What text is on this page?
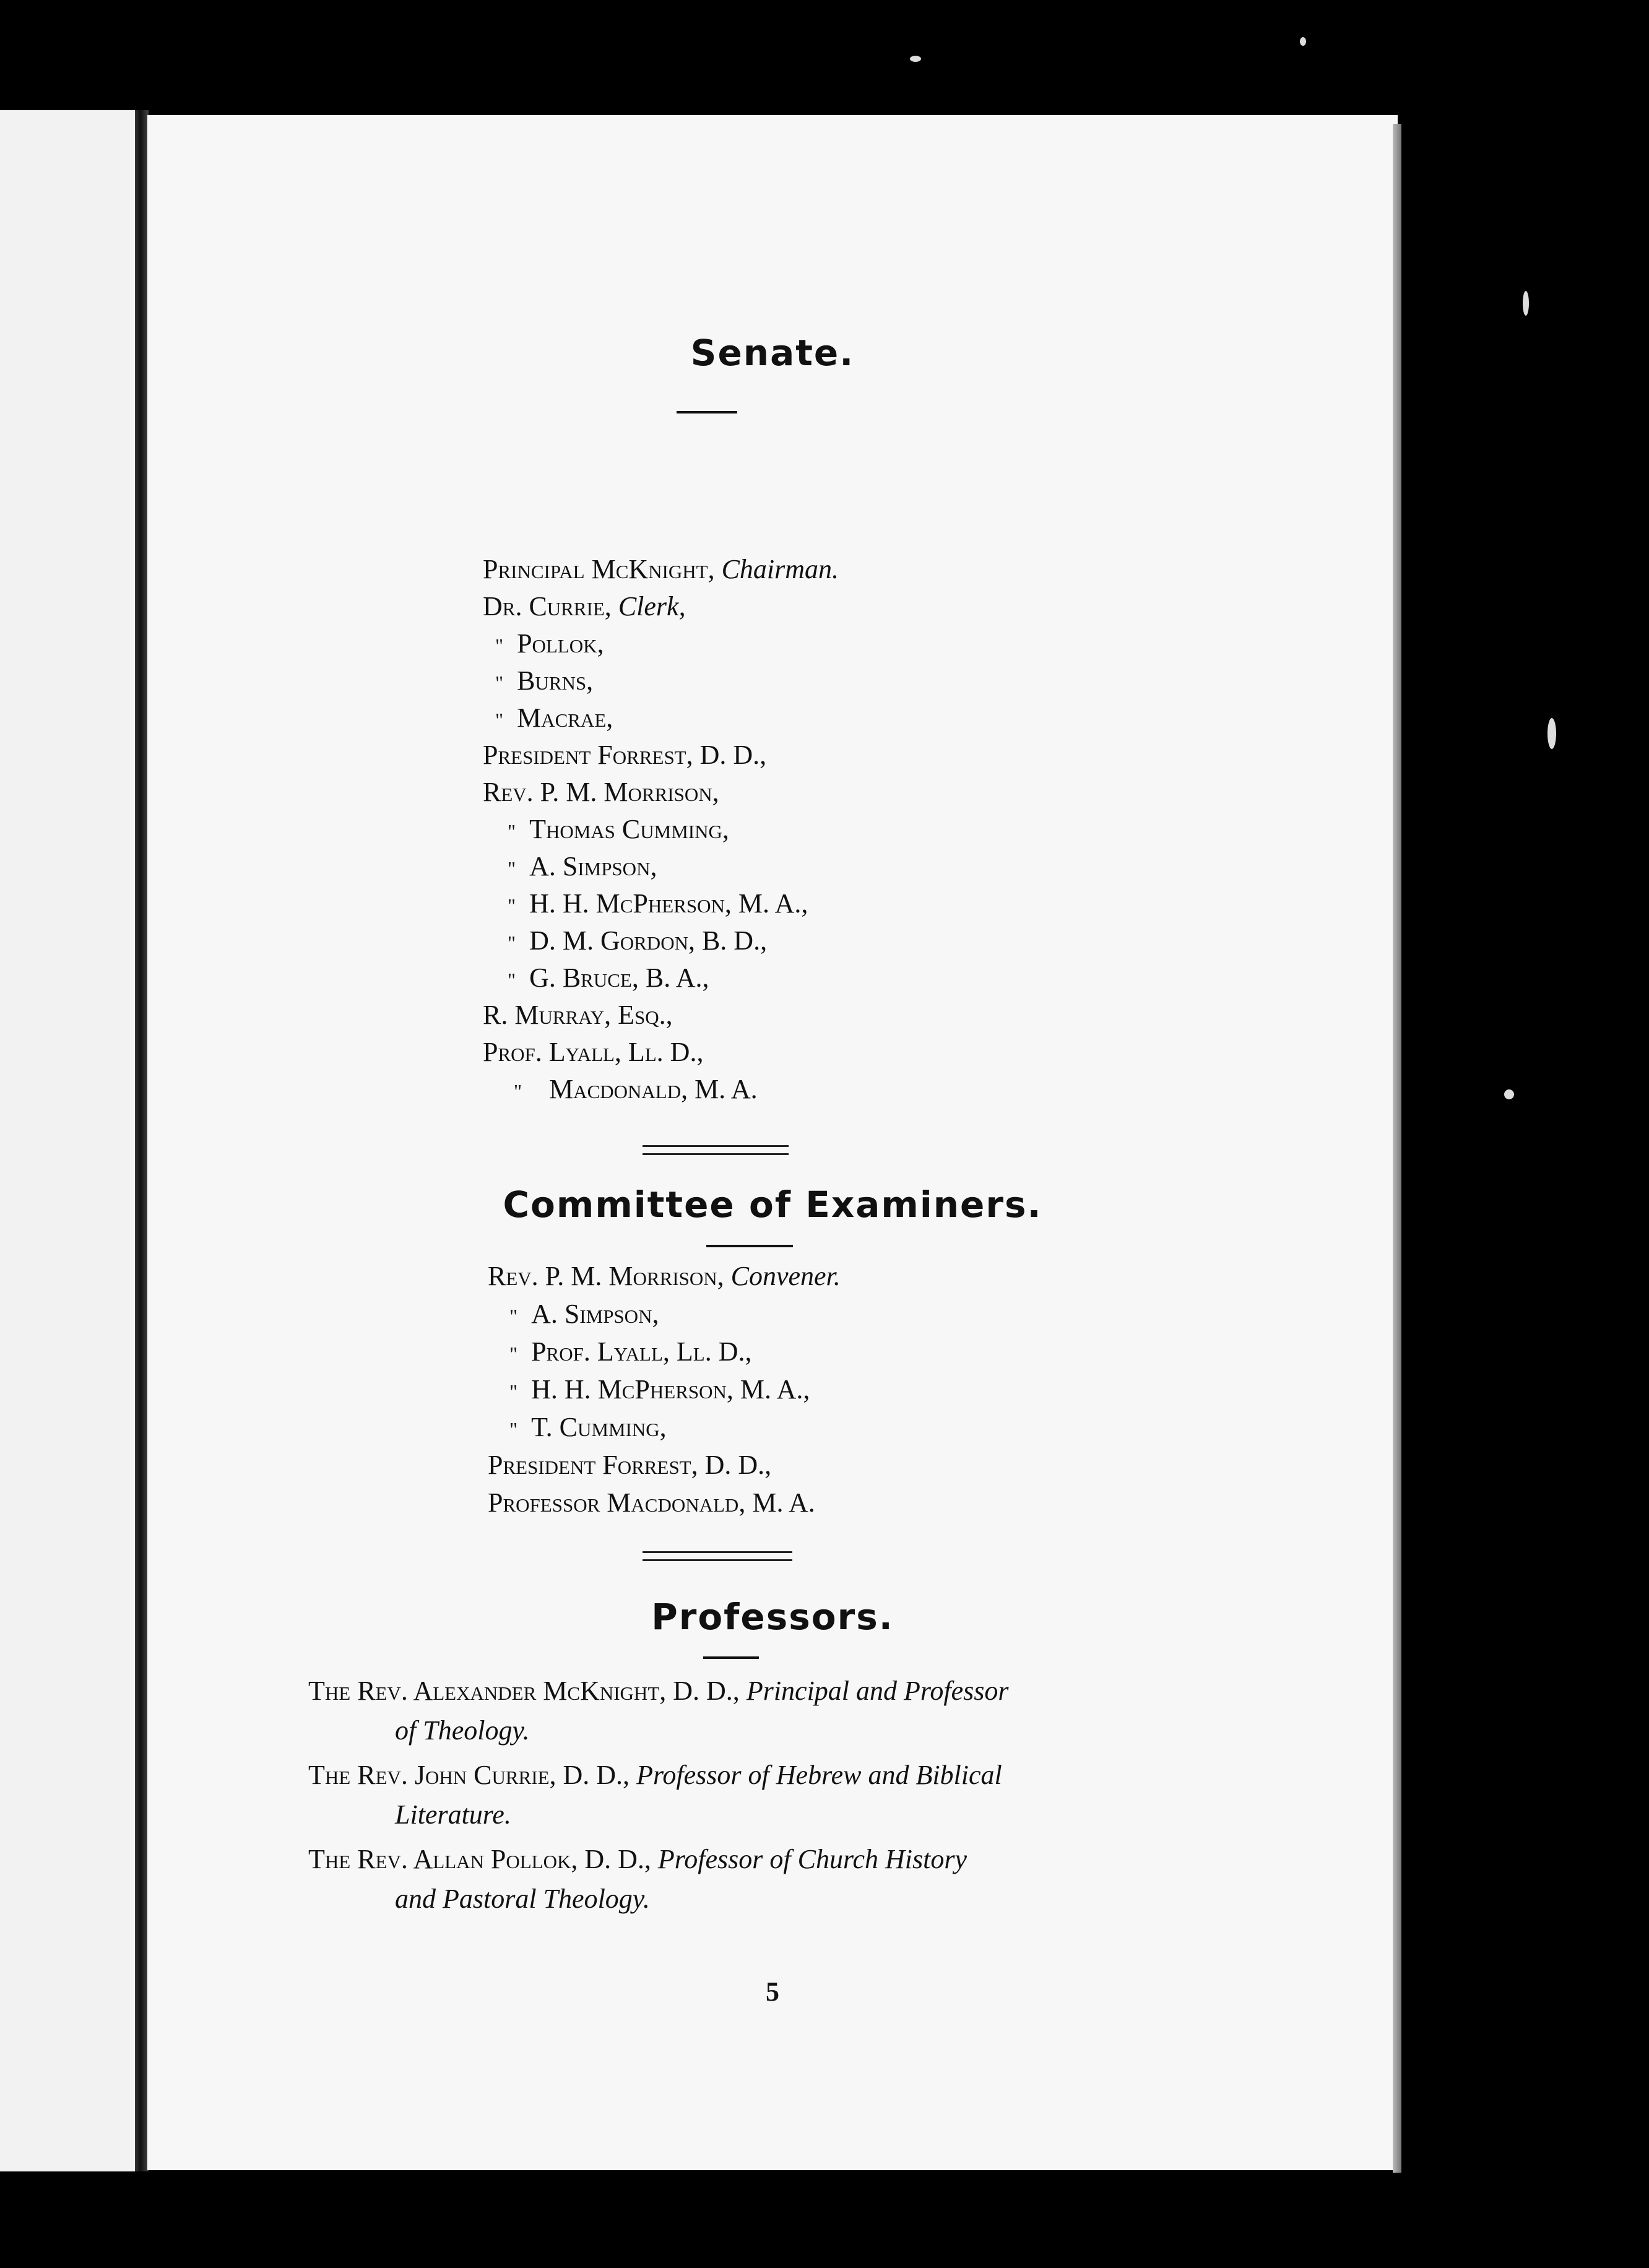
Senate.
Principal McKnight, Chairman.
Dr. Currie, Clerk,
" Pollok,
" Burns,
" Macrae,
President Forrest, D. D.,
Rev. P. M. Morrison,
" Thomas Cumming,
" A. Simpson,
" H. H. McPherson, M. A.,
" D. M. Gordon, B. D.,
" G. Bruce, B. A.,
R. Murray, Esq.,
Prof. Lyall, Ll. D.,
" Macdonald, M. A.
Committee of Examiners.
Rev. P. M. Morrison, Convener.
" A. Simpson,
" Prof. Lyall, Ll. D.,
" H. H. McPherson, M. A.,
" T. Cumming,
President Forrest, D. D.,
Professor Macdonald, M. A.
Professors.
The Rev. Alexander McKnight, D. D., Principal and Professor
of Theology.
The Rev. John Currie, D. D., Professor of Hebrew and Biblical
Literature.
The Rev. Allan Pollok, D. D., Professor of Church History
and Pastoral Theology.
5
